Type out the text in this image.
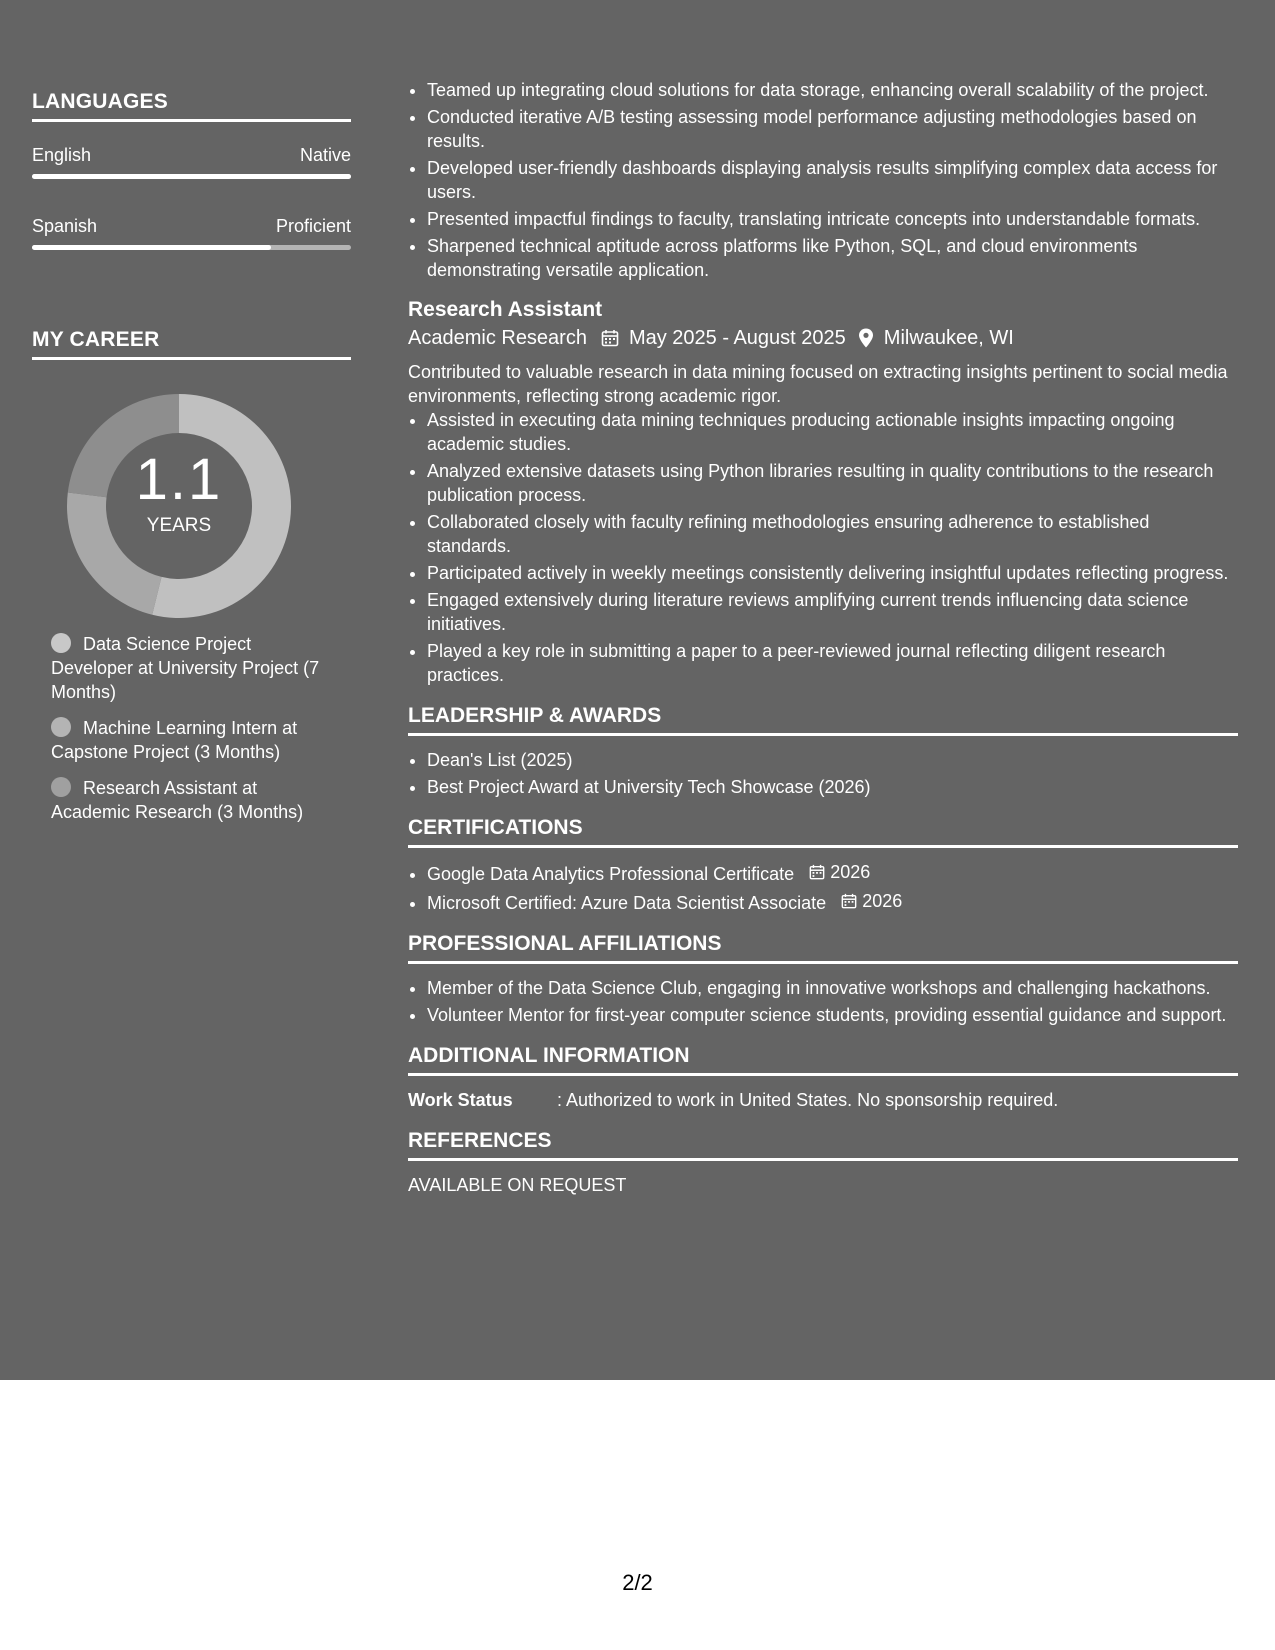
LANGUAGES
English	Native
Spanish	Proficient
MY CAREER
1.1
YEARS
Data Science Project Developer at University Project (7 Months)
Machine Learning Intern at Capstone Project (3 Months)
Research Assistant at Academic Research (3 Months)
• Teamed up integrating cloud solutions for data storage, enhancing overall scalability of the project.
• Conducted iterative A/B testing assessing model performance adjusting methodologies based on results.
• Developed user-friendly dashboards displaying analysis results simplifying complex data access for users.
• Presented impactful findings to faculty, translating intricate concepts into understandable formats.
• Sharpened technical aptitude across platforms like Python, SQL, and cloud environments demonstrating versatile application.
Research Assistant
Academic Research May 2025 - August 2025 Milwaukee, WI
Contributed to valuable research in data mining focused on extracting insights pertinent to social media environments, reflecting strong academic rigor.
• Assisted in executing data mining techniques producing actionable insights impacting ongoing academic studies.
• Analyzed extensive datasets using Python libraries resulting in quality contributions to the research publication process.
• Collaborated closely with faculty refining methodologies ensuring adherence to established standards.
• Participated actively in weekly meetings consistently delivering insightful updates reflecting progress.
• Engaged extensively during literature reviews amplifying current trends influencing data science initiatives.
• Played a key role in submitting a paper to a peer-reviewed journal reflecting diligent research practices.
LEADERSHIP & AWARDS
• Dean's List (2025)
• Best Project Award at University Tech Showcase (2026)
CERTIFICATIONS
• Google Data Analytics Professional Certificate 2026
• Microsoft Certified: Azure Data Scientist Associate 2026
PROFESSIONAL AFFILIATIONS
• Member of the Data Science Club, engaging in innovative workshops and challenging hackathons.
• Volunteer Mentor for first-year computer science students, providing essential guidance and support.
ADDITIONAL INFORMATION
Work Status	: Authorized to work in United States. No sponsorship required.
REFERENCES
AVAILABLE ON REQUEST
2/2
